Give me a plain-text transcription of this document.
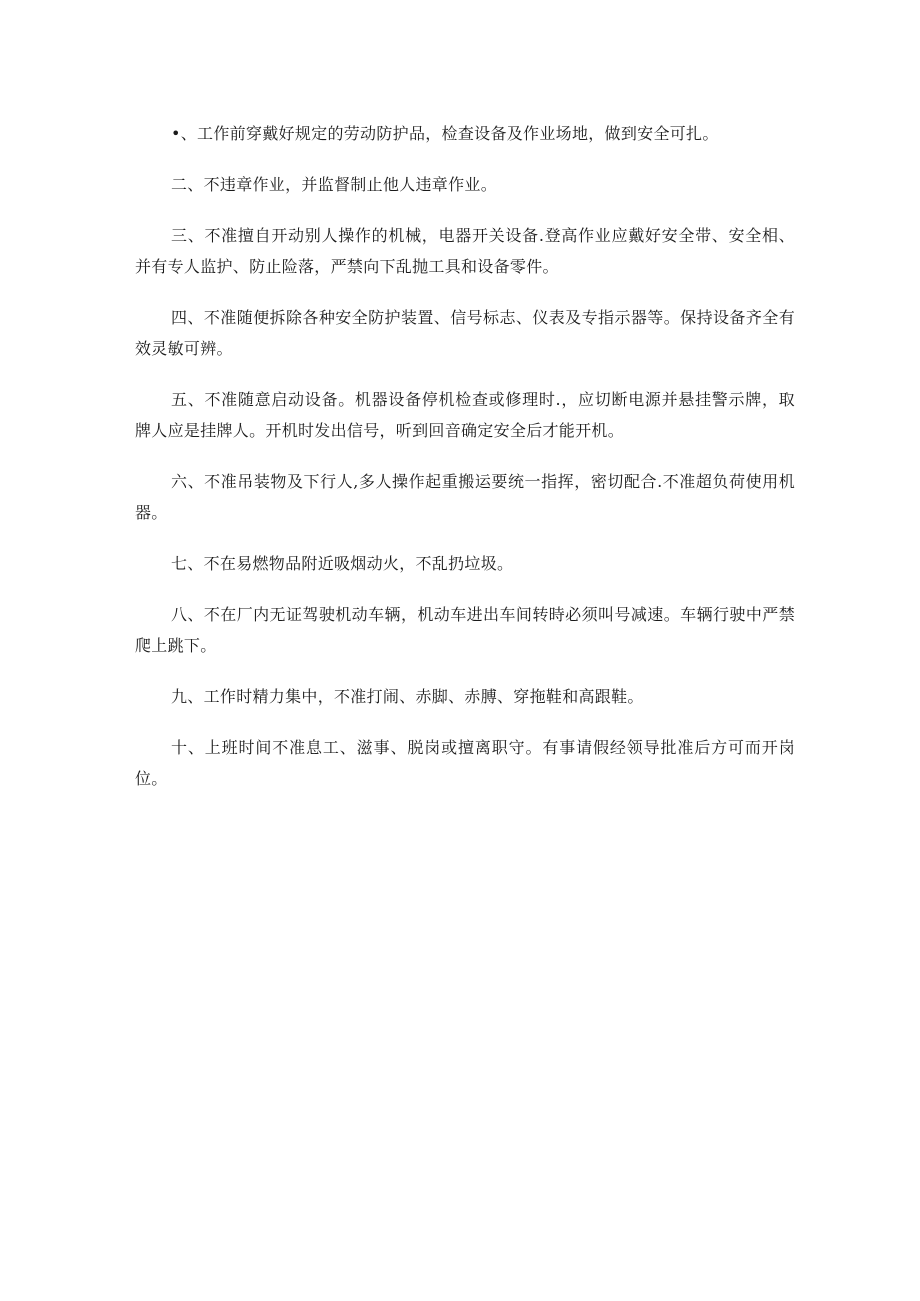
•、工作前穿戴好规定的劳动防护品，检查设备及作业场地，做到安全可扎。

二、不违章作业，并监督制止他人违章作业。

三、不准擅自开动别人操作的机械，电器开关设备.登高作业应戴好安全带、安全相、并有专人监护、防止险落，严禁向下乱抛工具和设备零件。

四、不准随便拆除各种安全防护装置、信号标志、仪表及专指示器等。保持设备齐全有效灵敏可辨。

五、不准随意启动设备。机器设备停机检查或修理时.，应切断电源并悬挂警示牌，取牌人应是挂牌人。开机时发出信号，听到回音确定安全后才能开机。

六、不准吊装物及下行人,多人操作起重搬运要统一指挥，密切配合.不准超负荷使用机器。

七、不在易燃物品附近吸烟动火，不乱扔垃圾。

八、不在厂内无证驾驶机动车辆，机动车进出车间转時必须叫号减速。车辆行驶中严禁爬上跳下。

九、工作时精力集中，不准打闹、赤脚、赤膊、穿拖鞋和高跟鞋。

十、上班时间不准息工、滋事、脱岗或擅离职守。有事请假经领导批准后方可而开岗位。
